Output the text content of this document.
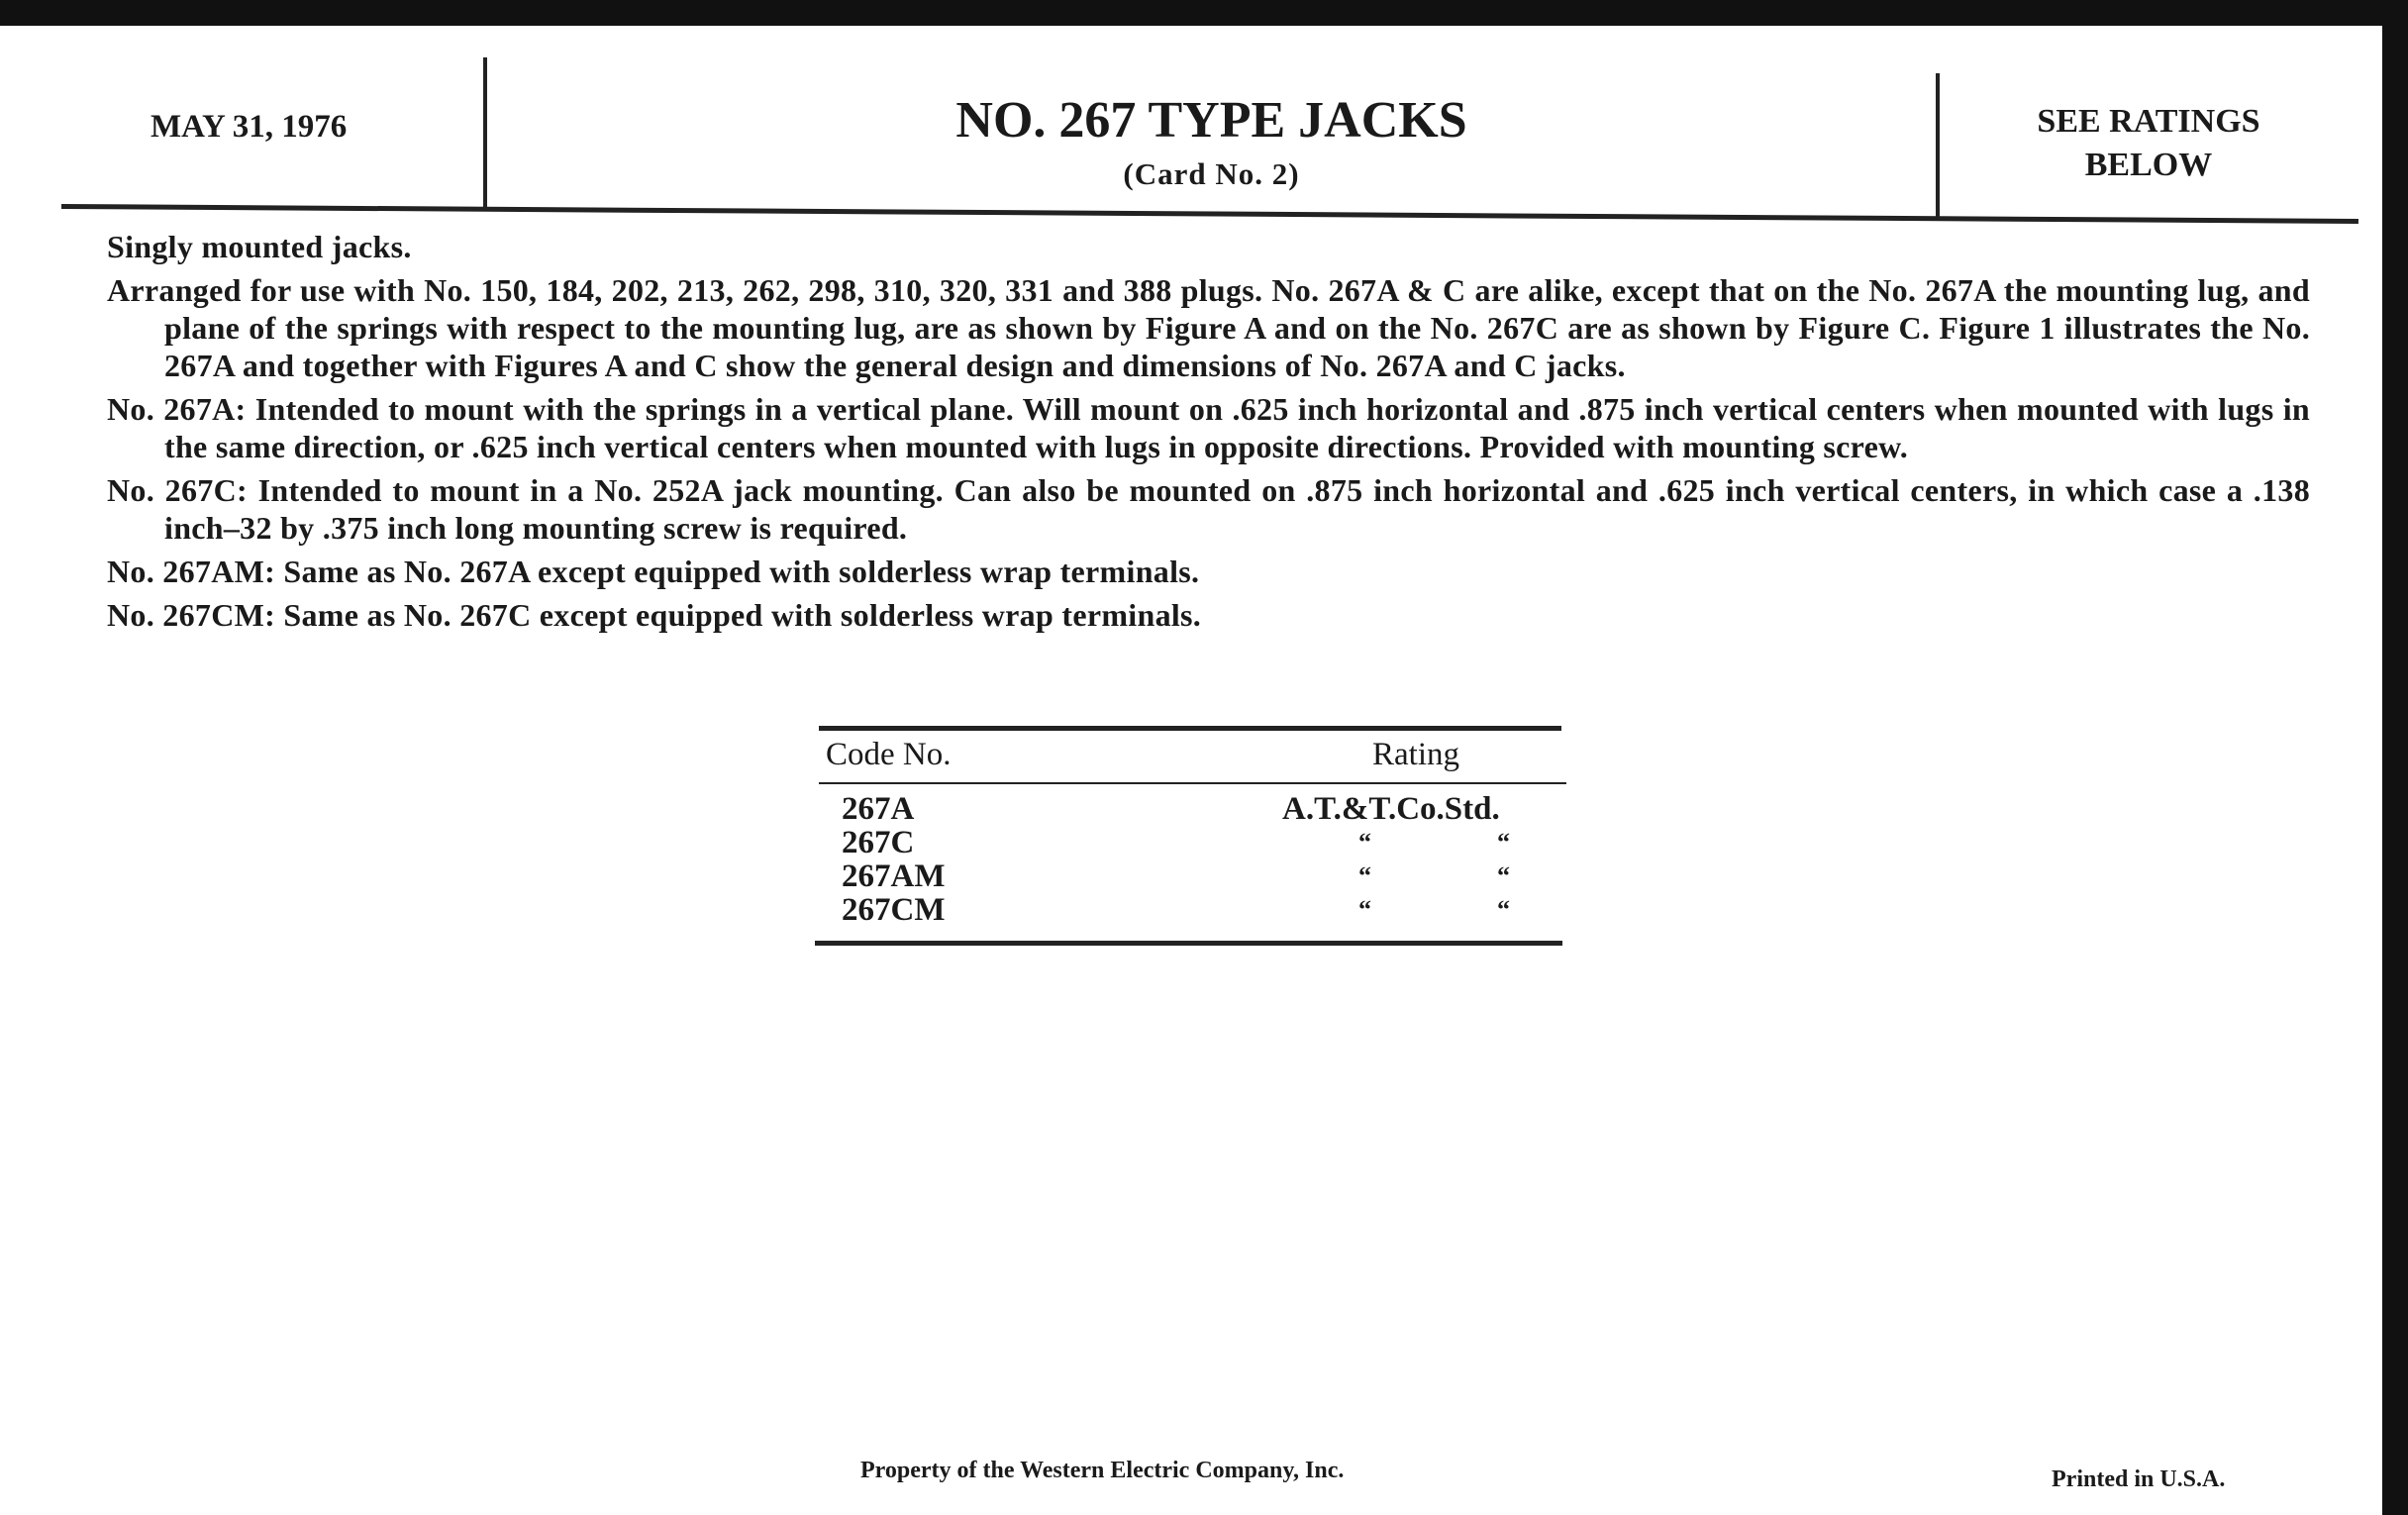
MAY 31, 1976	NO. 267 TYPE JACKS
(Card No. 2)
SEE RATINGS
BELOW

Singly mounted jacks.

Arranged for use with No. 150, 184, 202, 213, 262, 298, 310, 320, 331 and 388 plugs. No. 267A & C are alike, except that on the No. 267A the mounting lug, and plane of the springs with respect to the mounting lug, are as shown by Figure A and on the No. 267C are as shown by Figure C. Figure 1 illustrates the No. 267A and together with Figures A and C show the general design and dimensions of No. 267A and C jacks.

No. 267A: Intended to mount with the springs in a vertical plane. Will mount on .625 inch horizontal and .875 inch vertical centers when mounted with lugs in the same direction, or .625 inch vertical centers when mounted with lugs in opposite directions. Provided with mounting screw.

No. 267C: Intended to mount in a No. 252A jack mounting. Can also be mounted on .875 inch horizontal and .625 inch vertical centers, in which case a .138 inch–32 by .375 inch long mounting screw is required.

No. 267AM: Same as No. 267A except equipped with solderless wrap terminals.

No. 267CM: Same as No. 267C except equipped with solderless wrap terminals.

Code No.	Rating
267A	A.T.&T.Co.Std.
267C	“	“
267AM	“	“
267CM	“	“
Property of the Western Electric Company, Inc.	Printed in U.S.A.
